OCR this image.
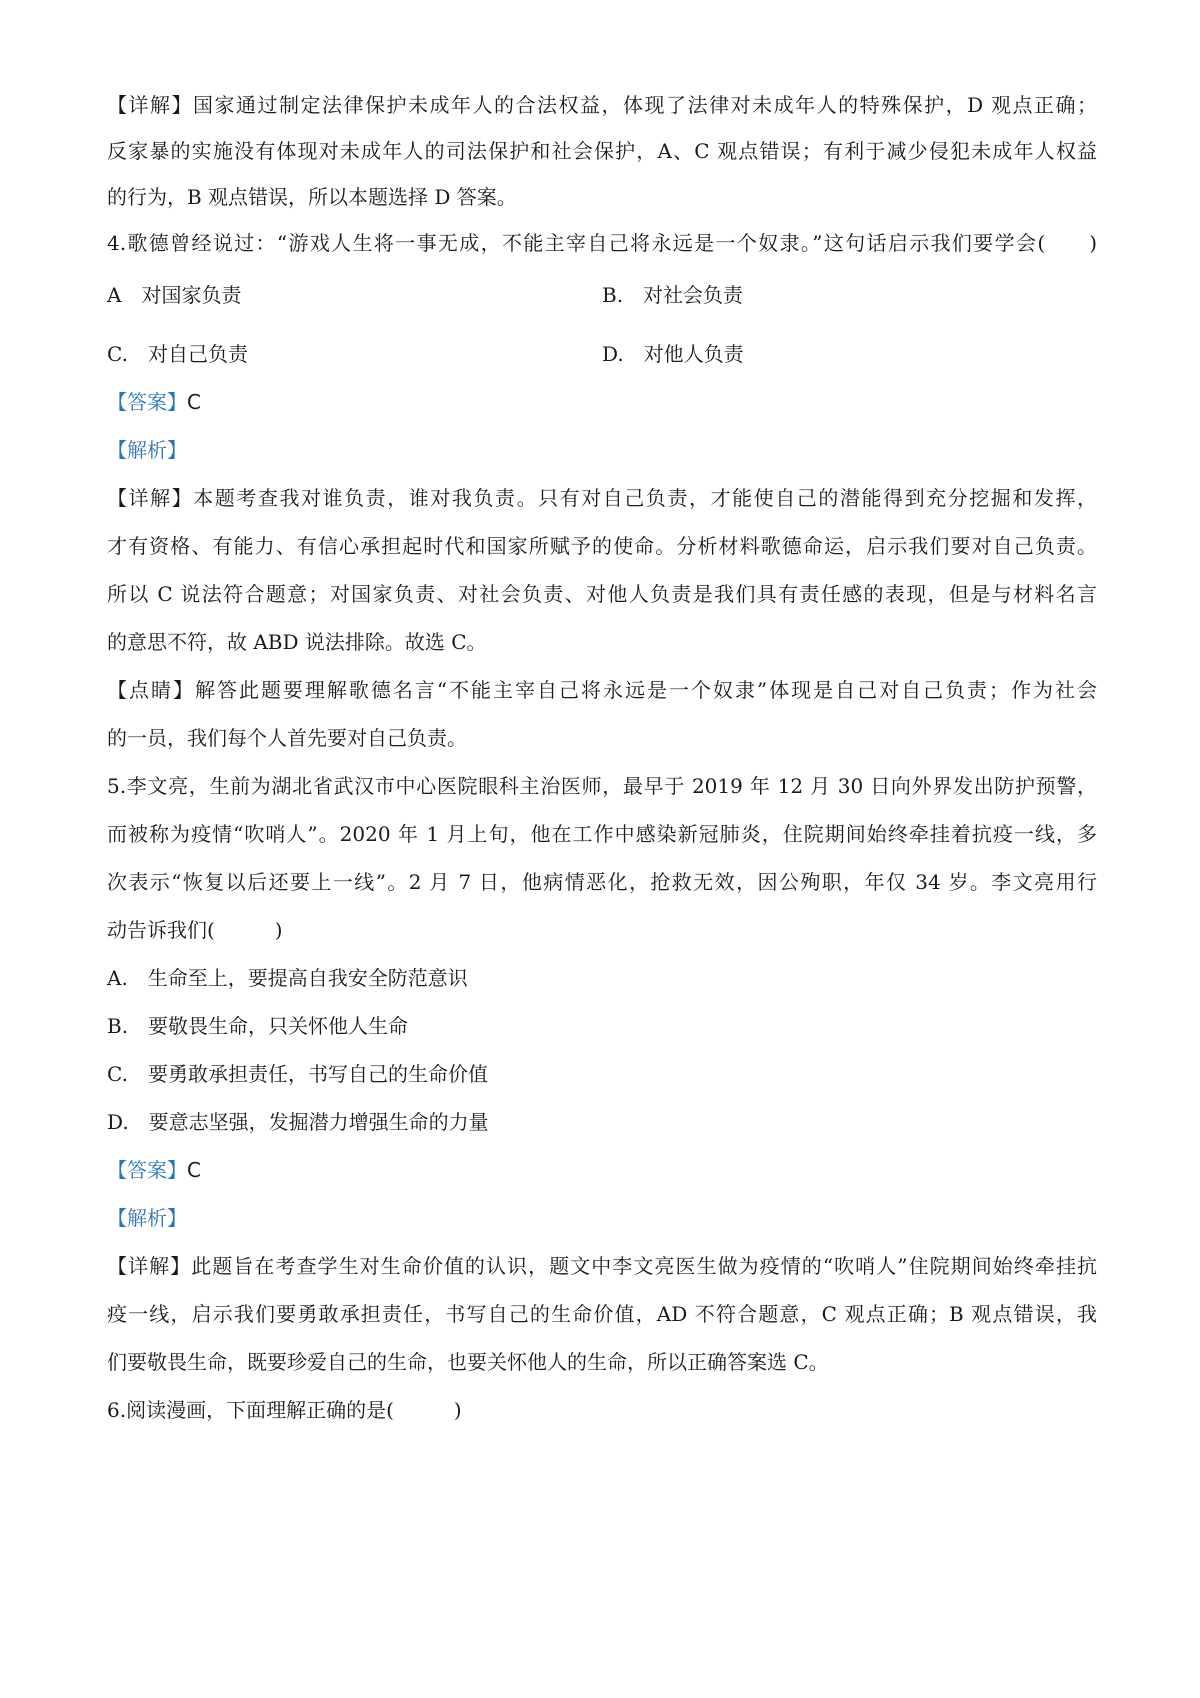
【详解】国家通过制定法律保护未成年人的合法权益，体现了法律对未成年人的特殊保护，D 观点正确；
反家暴的实施没有体现对未成年人的司法保护和社会保护，A、C 观点错误；有利于减少侵犯未成年人权益
的行为，B 观点错误，所以本题选择 D 答案。
4.歌德曾经说过：“游戏人生将一事无成，不能主宰自己将永远是一个奴隶。”这句话启示我们要学会(　　)
A　对国家负责	B.　对社会负责
C.　对自己负责	D.　对他人负责
【答案】C
【解析】
【详解】本题考查我对谁负责，谁对我负责。只有对自己负责，才能使自己的潜能得到充分挖掘和发挥，
才有资格、有能力、有信心承担起时代和国家所赋予的使命。分析材料歌德命运，启示我们要对自己负责。
所以 C 说法符合题意；对国家负责、对社会负责、对他人负责是我们具有责任感的表现，但是与材料名言
的意思不符，故 ABD 说法排除。故选 C。
【点睛】解答此题要理解歌德名言“不能主宰自己将永远是一个奴隶”体现是自己对自己负责；作为社会
的一员，我们每个人首先要对自己负责。
5.李文亮，生前为湖北省武汉市中心医院眼科主治医师，最早于 2019 年 12 月 30 日向外界发出防护预警，
而被称为疫情“吹哨人”。2020 年 1 月上旬，他在工作中感染新冠肺炎，住院期间始终牵挂着抗疫一线，多
次表示“恢复以后还要上一线”。2 月 7 日，他病情恶化，抢救无效，因公殉职，年仅 34 岁。李文亮用行
动告诉我们(　　　)
A.　生命至上，要提高自我安全防范意识
B.　要敬畏生命，只关怀他人生命
C.　要勇敢承担责任，书写自己的生命价值
D.　要意志坚强，发掘潜力增强生命的力量
【答案】C
【解析】
【详解】此题旨在考查学生对生命价值的认识，题文中李文亮医生做为疫情的“吹哨人”住院期间始终牵挂抗
疫一线，启示我们要勇敢承担责任，书写自己的生命价值，AD 不符合题意，C 观点正确；B 观点错误，我
们要敬畏生命，既要珍爱自己的生命，也要关怀他人的生命，所以正确答案选 C。
6.阅读漫画，下面理解正确的是(　　　)
